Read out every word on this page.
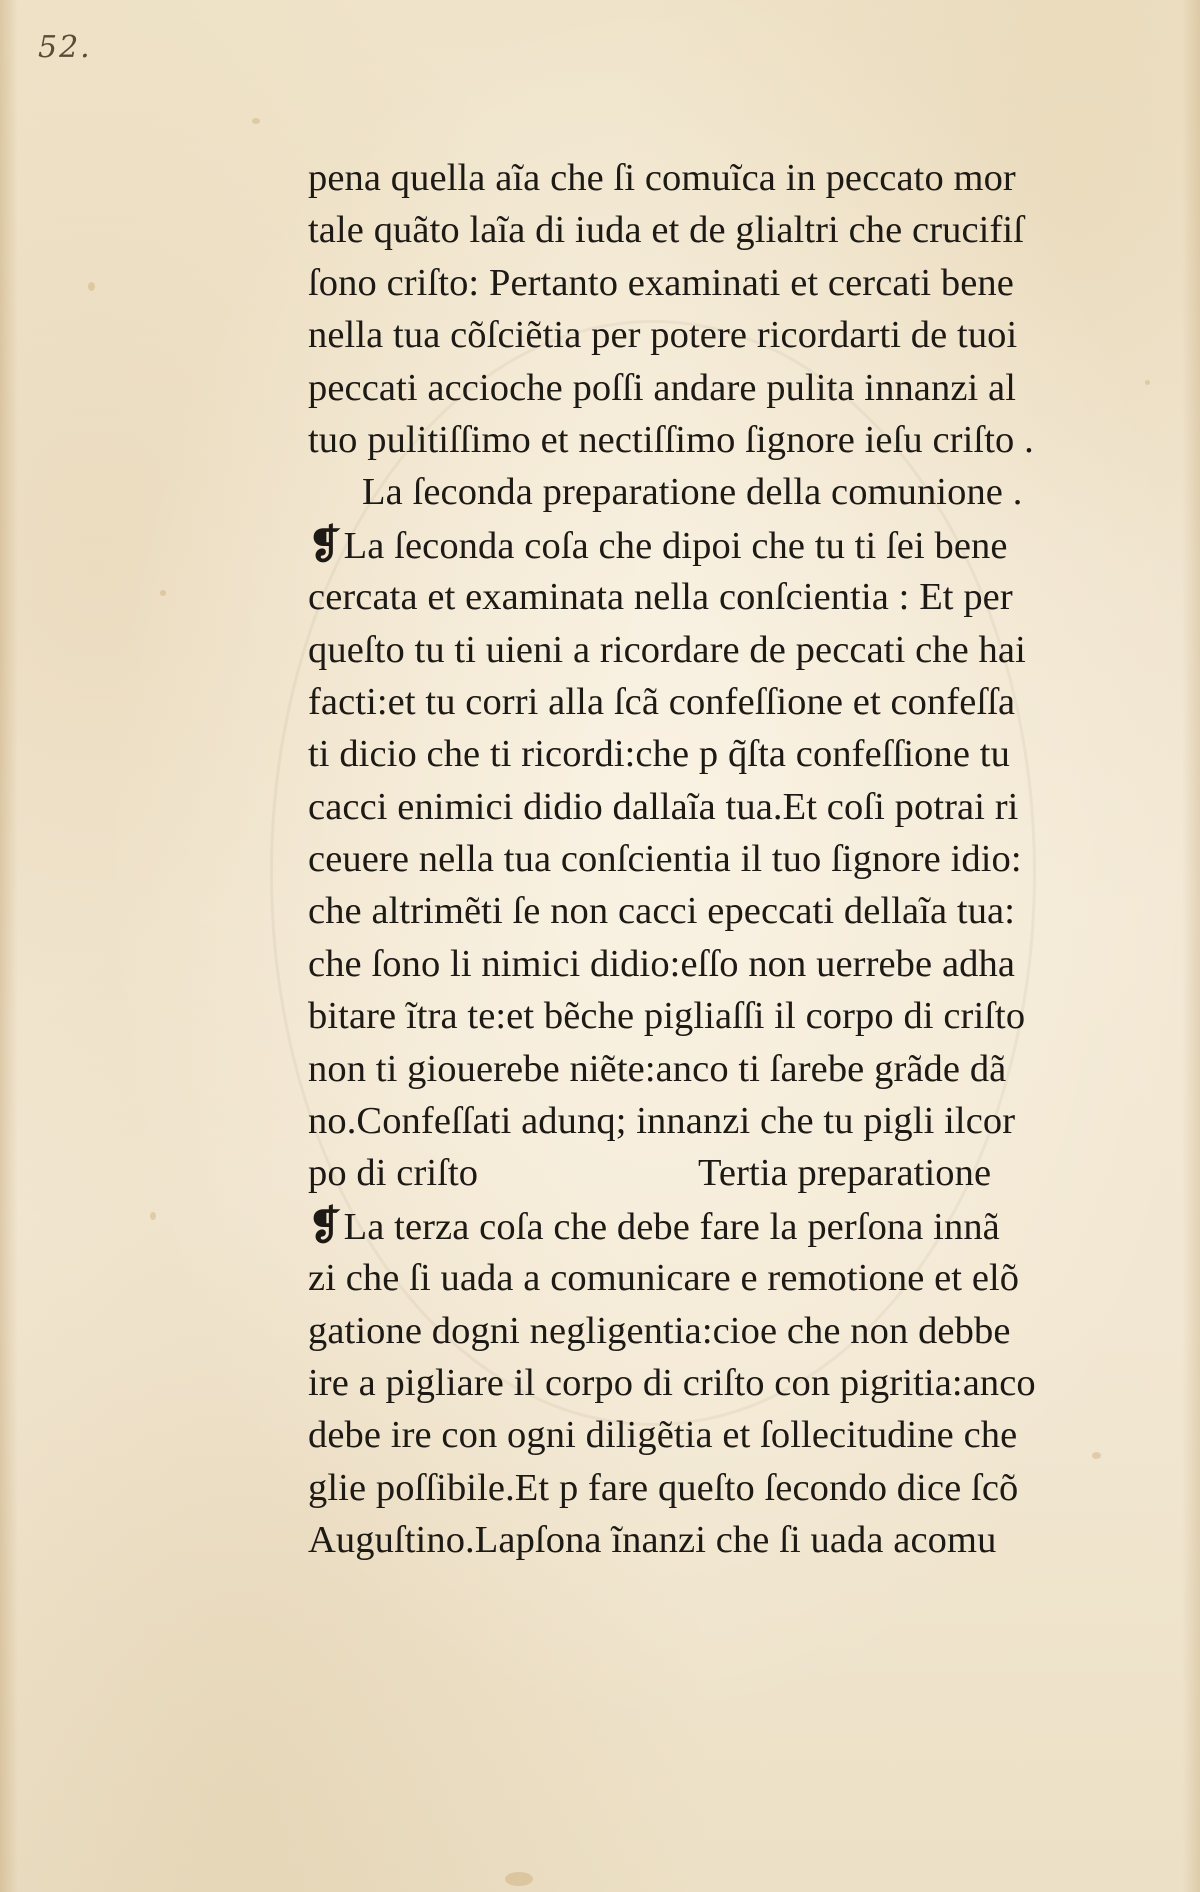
52.
pena quella aĩa che ſi comuĩca in peccato mor
tale quãto laĩa di iuda et de glialtri che crucifiſ
ſono criſto: Pertanto examinati et cercati bene
nella tua cõſciẽtia per potere ricordarti de tuoi
peccati accioche poſſi andare pulita innanzi al
tuo pulitiſſimo et nectiſſimo ſignore ieſu criſto .
La ſeconda preparatione della comunione .
❡La ſeconda coſa che dipoi che tu ti ſei bene
cercata et examinata nella conſcientia : Et per
queſto tu ti uieni a ricordare de peccati che hai
facti:et tu corri alla ſcã confeſſione et confeſſa
ti dicio che ti ricordi:che p q̃ſta confeſſione tu
cacci enimici didio dallaĩa tua.Et coſi potrai ri
ceuere nella tua conſcientia il tuo ſignore idio:
che altrimẽti ſe non cacci epeccati dellaĩa tua:
che ſono li nimici didio:eſſo non uerrebe adha
bitare ĩtra te:et bẽche pigliaſſi il corpo di criſto
non ti giouerebe niẽte:anco ti ſarebe grãde dã
no.Confeſſati adunq; innanzi che tu pigli ilcor
po di criſto	Tertia preparatione
❡La terza coſa che debe fare la perſona innã
zi che ſi uada a comunicare e remotione et elõ
gatione dogni negligentia:cioe che non debbe
ire a pigliare il corpo di criſto con pigritia:anco
debe ire con ogni diligẽtia et ſollecitudine che
glie poſſibile.Et p fare queſto ſecondo dice ſcõ
Auguſtino.Lapſona ĩnanzi che ſi uada acomu
